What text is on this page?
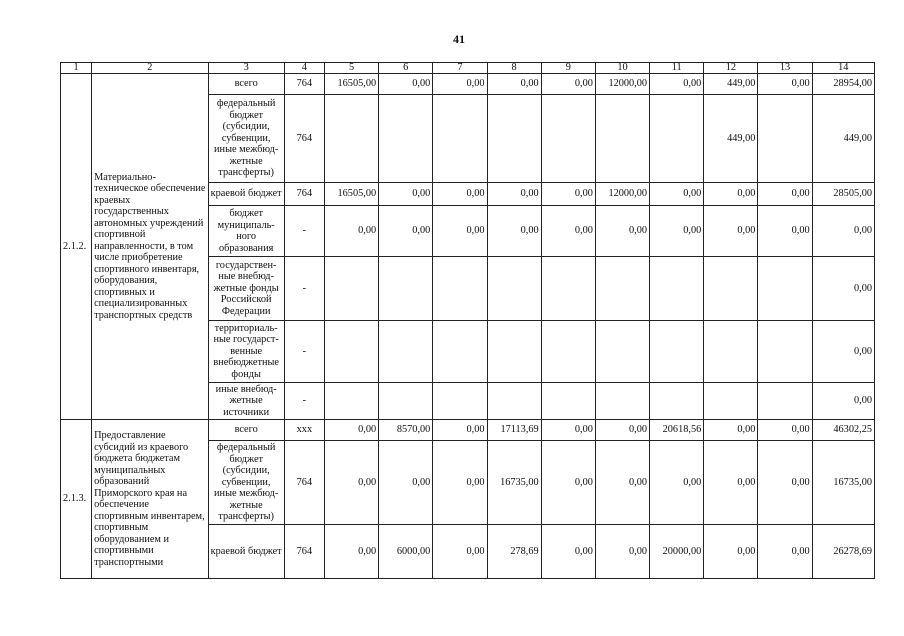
41
1	2	3	4	5	6	7	8	9	10	11	12	13	14
2.1.2.	Материально-техническое обеспечение краевых государственных автономных учреждений спортивной направленности, в том числе приобретение спортивного инвентаря, оборудования, спортивных и специализированных транспортных средств	всего	764	16505,00	0,00	0,00	0,00	0,00	12000,00	0,00	449,00	0,00	28954,00
		федеральный бюджет (субсидии, субвенции, иные межбюд-жетные трансферты)	764								449,00		449,00
		краевой бюджет	764	16505,00	0,00	0,00	0,00	0,00	12000,00	0,00	0,00	0,00	28505,00
		бюджет муниципаль-ного образования	-	0,00	0,00	0,00	0,00	0,00	0,00	0,00	0,00	0,00	0,00
		государствен-ные внебюд-жетные фонды Российской Федерации	-										0,00
		территориаль-ные государст-венные внебюджетные фонды	-										0,00
		иные внебюд-жетные источники	-										0,00
2.1.3.	Предоставление субсидий из краевого бюджета бюджетам муниципальных образований Приморского края на обеспечение спортивным инвентарем, спортивным оборудованием и спортивными транспортными	всего	ххх	0,00	8570,00	0,00	17113,69	0,00	0,00	20618,56	0,00	0,00	46302,25
		федеральный бюджет (субсидии, субвенции, иные межбюд-жетные трансферты)	764	0,00	0,00	0,00	16735,00	0,00	0,00	0,00	0,00	0,00	16735,00
		краевой бюджет	764	0,00	6000,00	0,00	278,69	0,00	0,00	20000,00	0,00	0,00	26278,69
